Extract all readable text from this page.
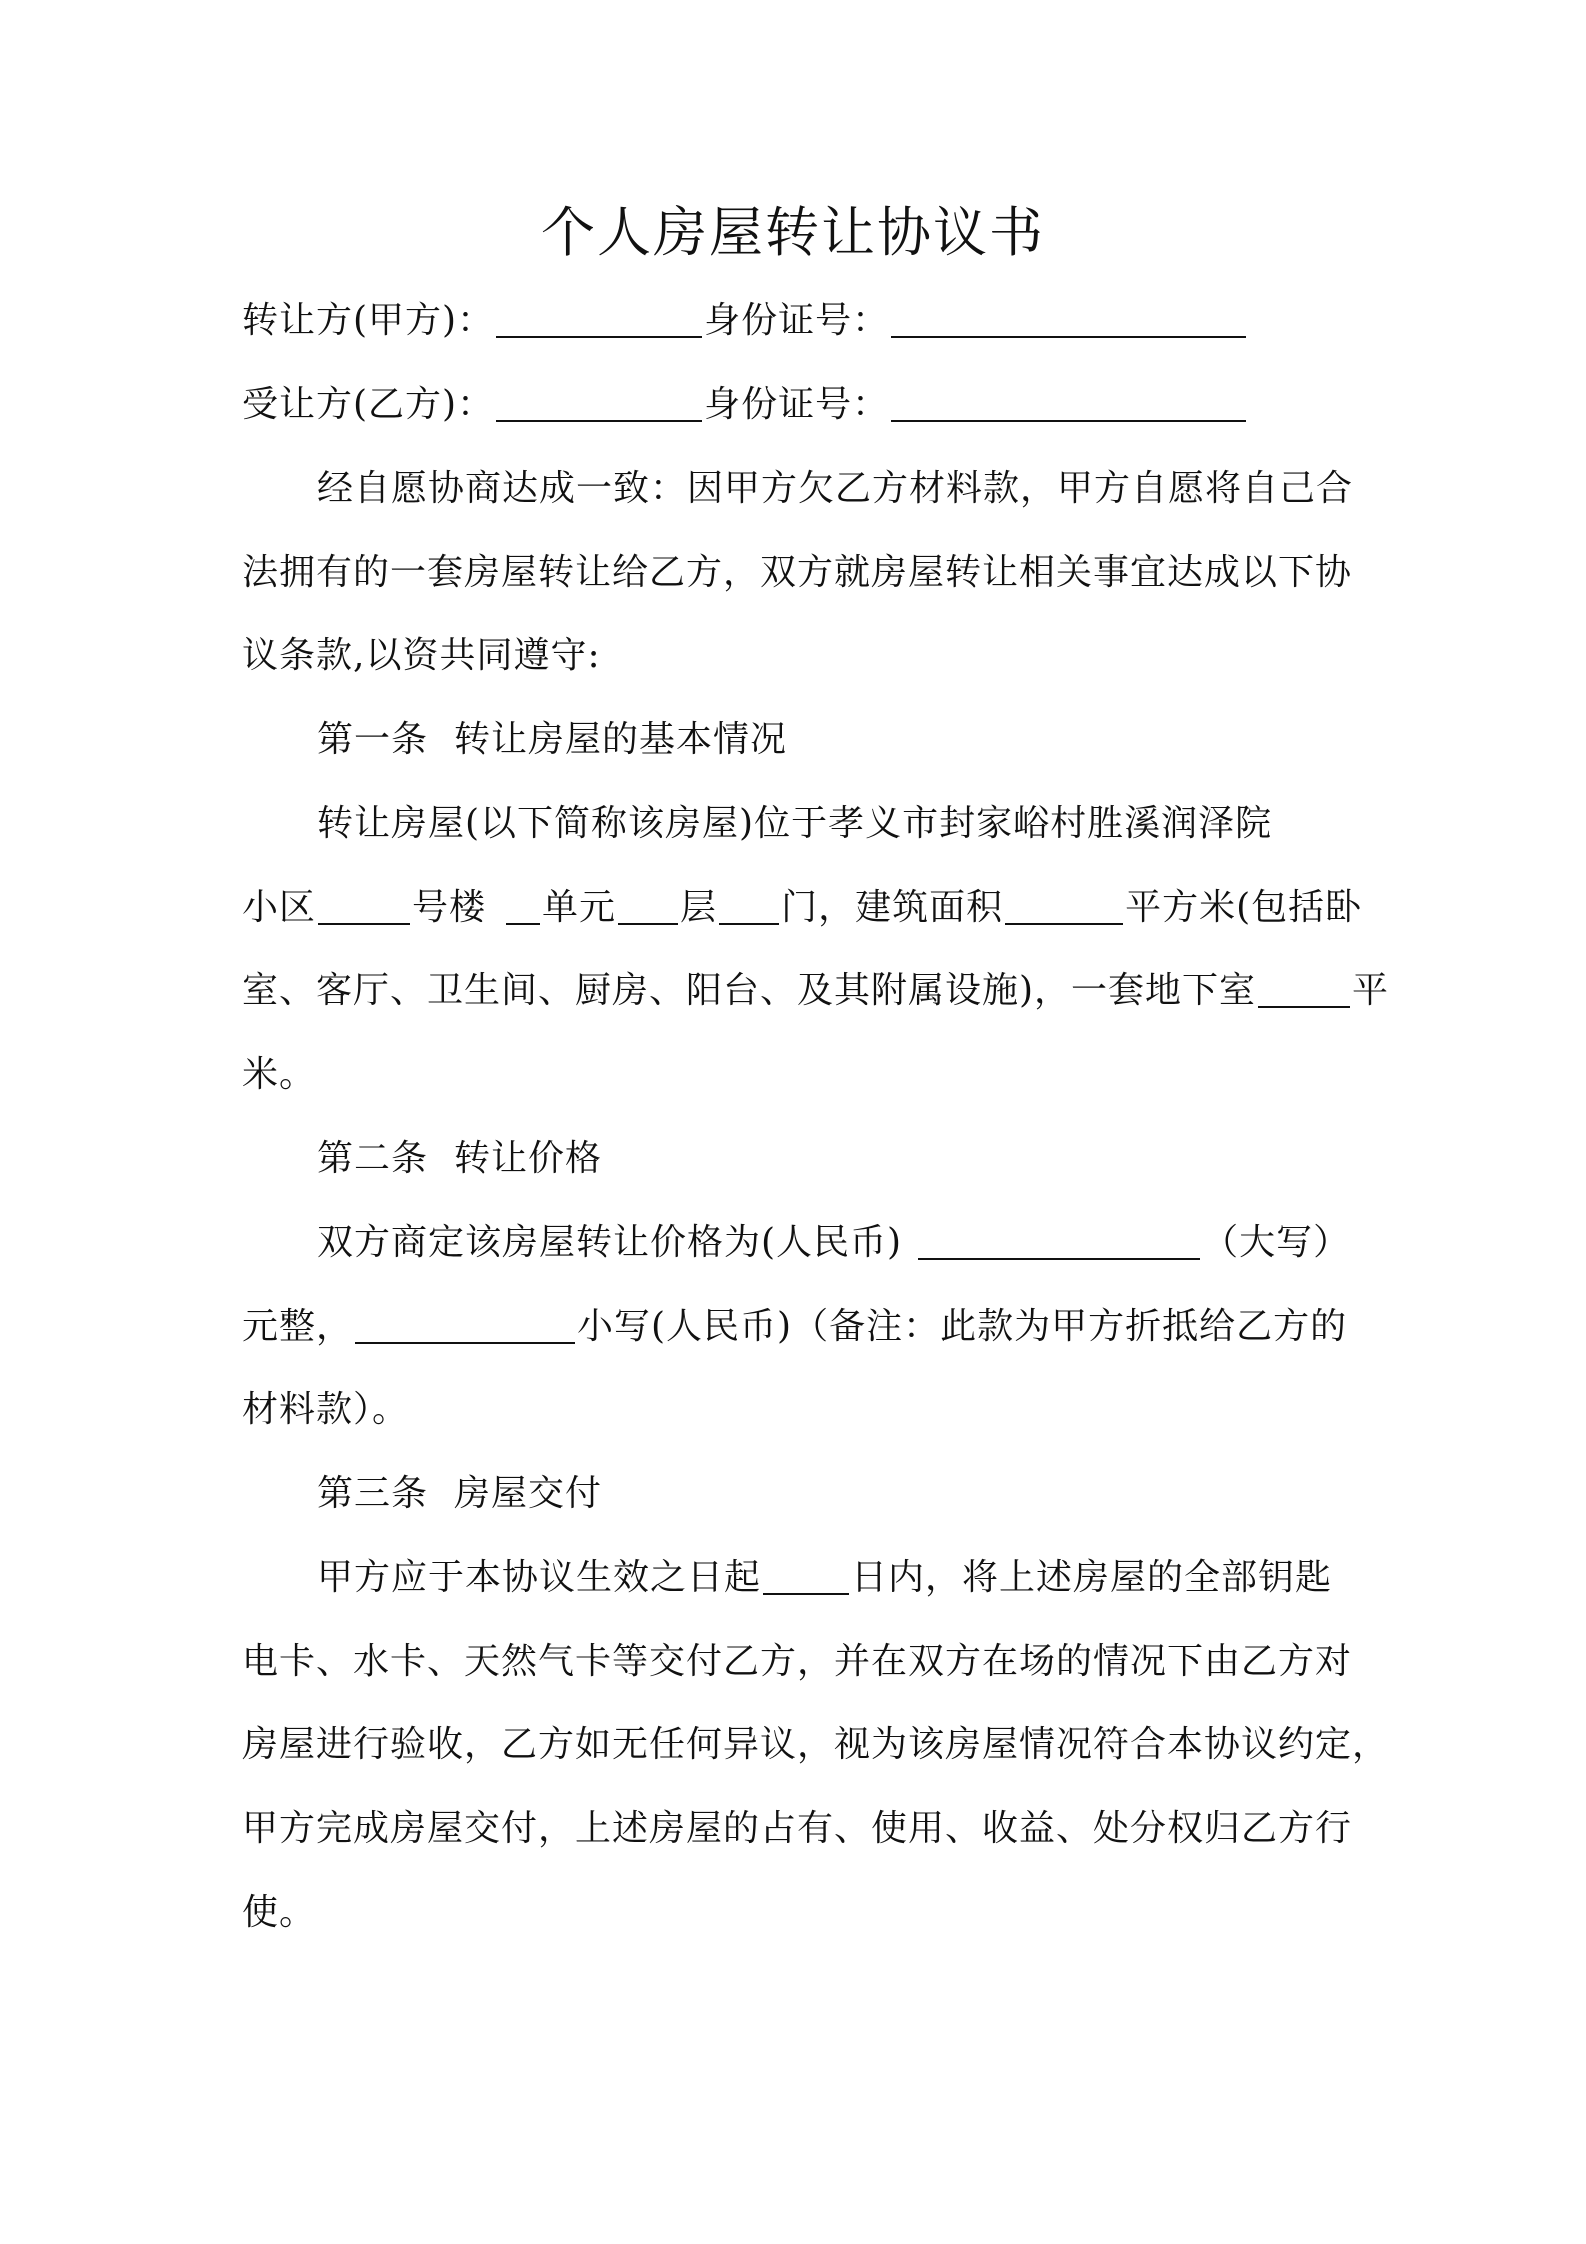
个人房屋转让协议书
转让方(甲方)：	身份证号：
受让方(乙方)：	身份证号：
经自愿协商达成一致：因甲方欠乙方材料款，甲方自愿将自己合
法拥有的一套房屋转让给乙方，双方就房屋转让相关事宜达成以下协
议条款,以资共同遵守:
第一条 转让房屋的基本情况
转让房屋(以下简称该房屋)位于孝义市封家峪村胜溪润泽院
小区	号楼 单元 层 门，建筑面积	平方米(包括卧
室、客厅、卫生间、厨房、阳台、及其附属设施)，一套地下室	平
米。
第二条 转让价格
双方商定该房屋转让价格为(人民币)	（大写）
元整，	小写(人民币)（备注：此款为甲方折抵给乙方的
材料款）。
第三条 房屋交付
甲方应于本协议生效之日起	日内，将上述房屋的全部钥匙
电卡、水卡、天然气卡等交付乙方，并在双方在场的情况下由乙方对
房屋进行验收，乙方如无任何异议，视为该房屋情况符合本协议约定，
甲方完成房屋交付，上述房屋的占有、使用、收益、处分权归乙方行
使。
